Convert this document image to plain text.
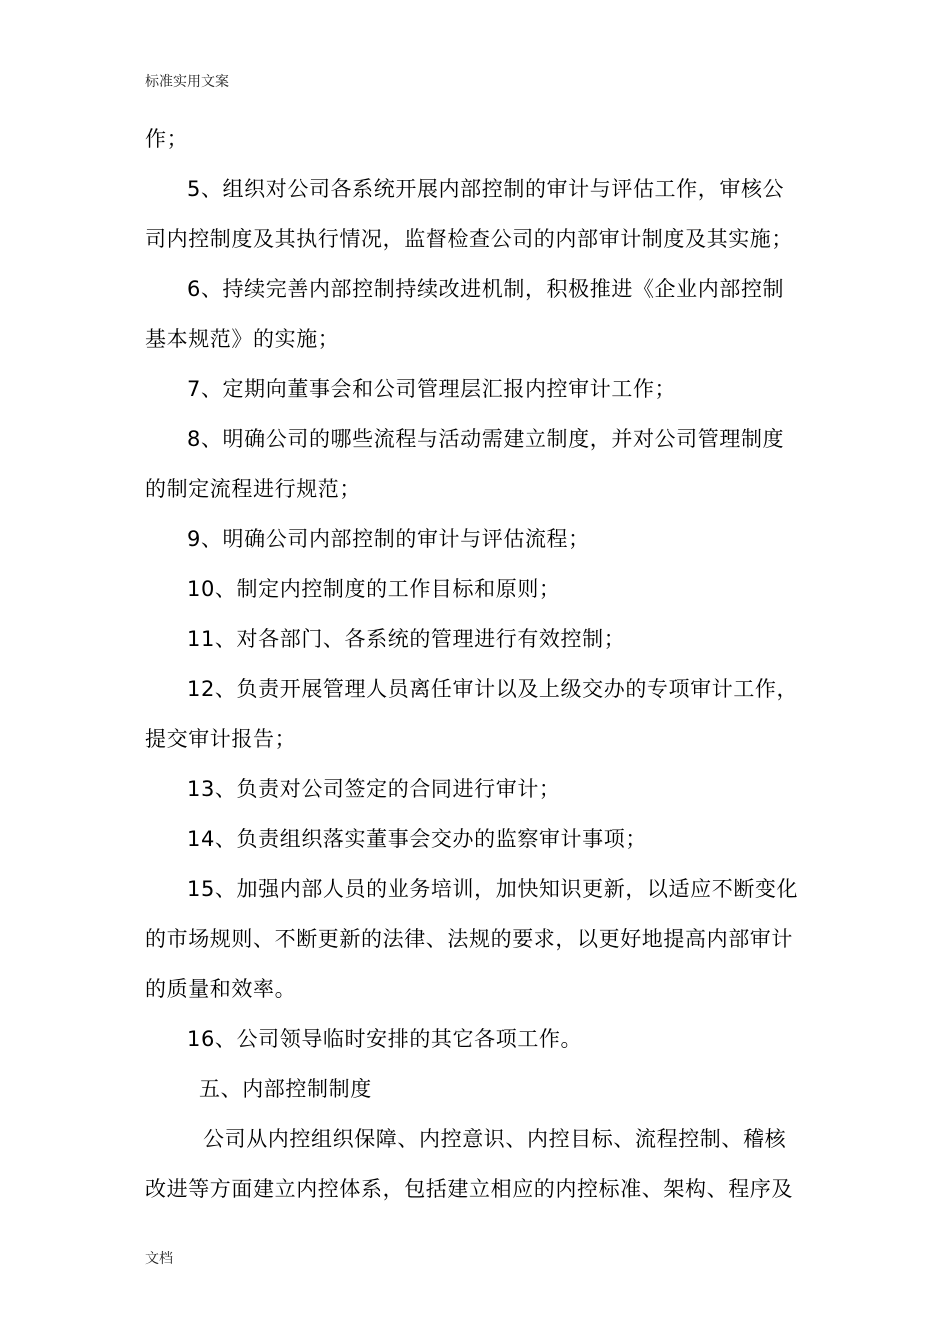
标准实用文案
作；
5、组织对公司各系统开展内部控制的审计与评估工作，审核公
司内控制度及其执行情况，监督检查公司的内部审计制度及其实施；
6、持续完善内部控制持续改进机制，积极推进《企业内部控制
基本规范》的实施；
7、定期向董事会和公司管理层汇报内控审计工作；
8、明确公司的哪些流程与活动需建立制度，并对公司管理制度
的制定流程进行规范；
9、明确公司内部控制的审计与评估流程；
10、制定内控制度的工作目标和原则；
11、对各部门、各系统的管理进行有效控制；
12、负责开展管理人员离任审计以及上级交办的专项审计工作，
提交审计报告；
13、负责对公司签定的合同进行审计；
14、负责组织落实董事会交办的监察审计事项；
15、加强内部人员的业务培训，加快知识更新，以适应不断变化
的市场规则、不断更新的法律、法规的要求，以更好地提高内部审计
的质量和效率。
16、公司领导临时安排的其它各项工作。
五、内部控制制度
公司从内控组织保障、内控意识、内控目标、流程控制、稽核
改进等方面建立内控体系，包括建立相应的内控标准、架构、程序及
文档
